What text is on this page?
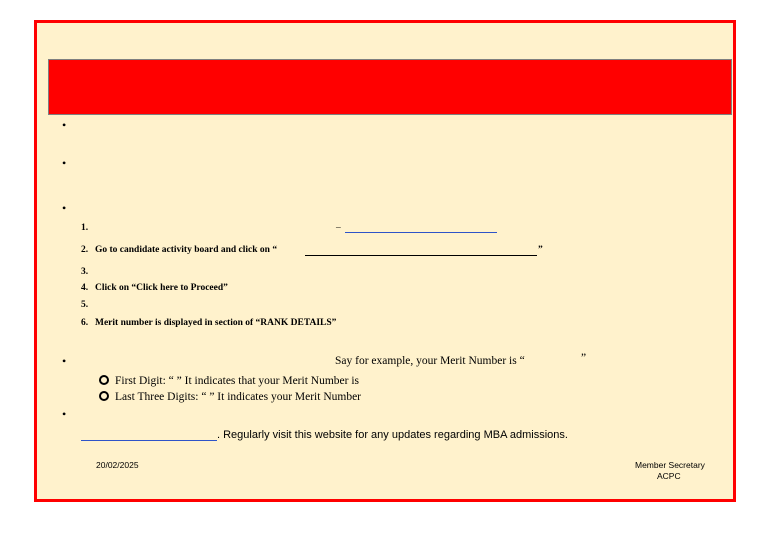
•
•
•
1.	–
2. Go to candidate activity board and click on “	”
3.
4. Click on “Click here to Proceed”
5.
6. Merit number is displayed in section of “RANK DETAILS”
•	Say for example, your Merit Number is “	”
First Digit: “ ” It indicates that your Merit Number is
Last Three Digits: “ ” It indicates your Merit Number
•
. Regularly visit this website for any updates regarding MBA admissions.
20/02/2025	Member Secretary
ACPC
